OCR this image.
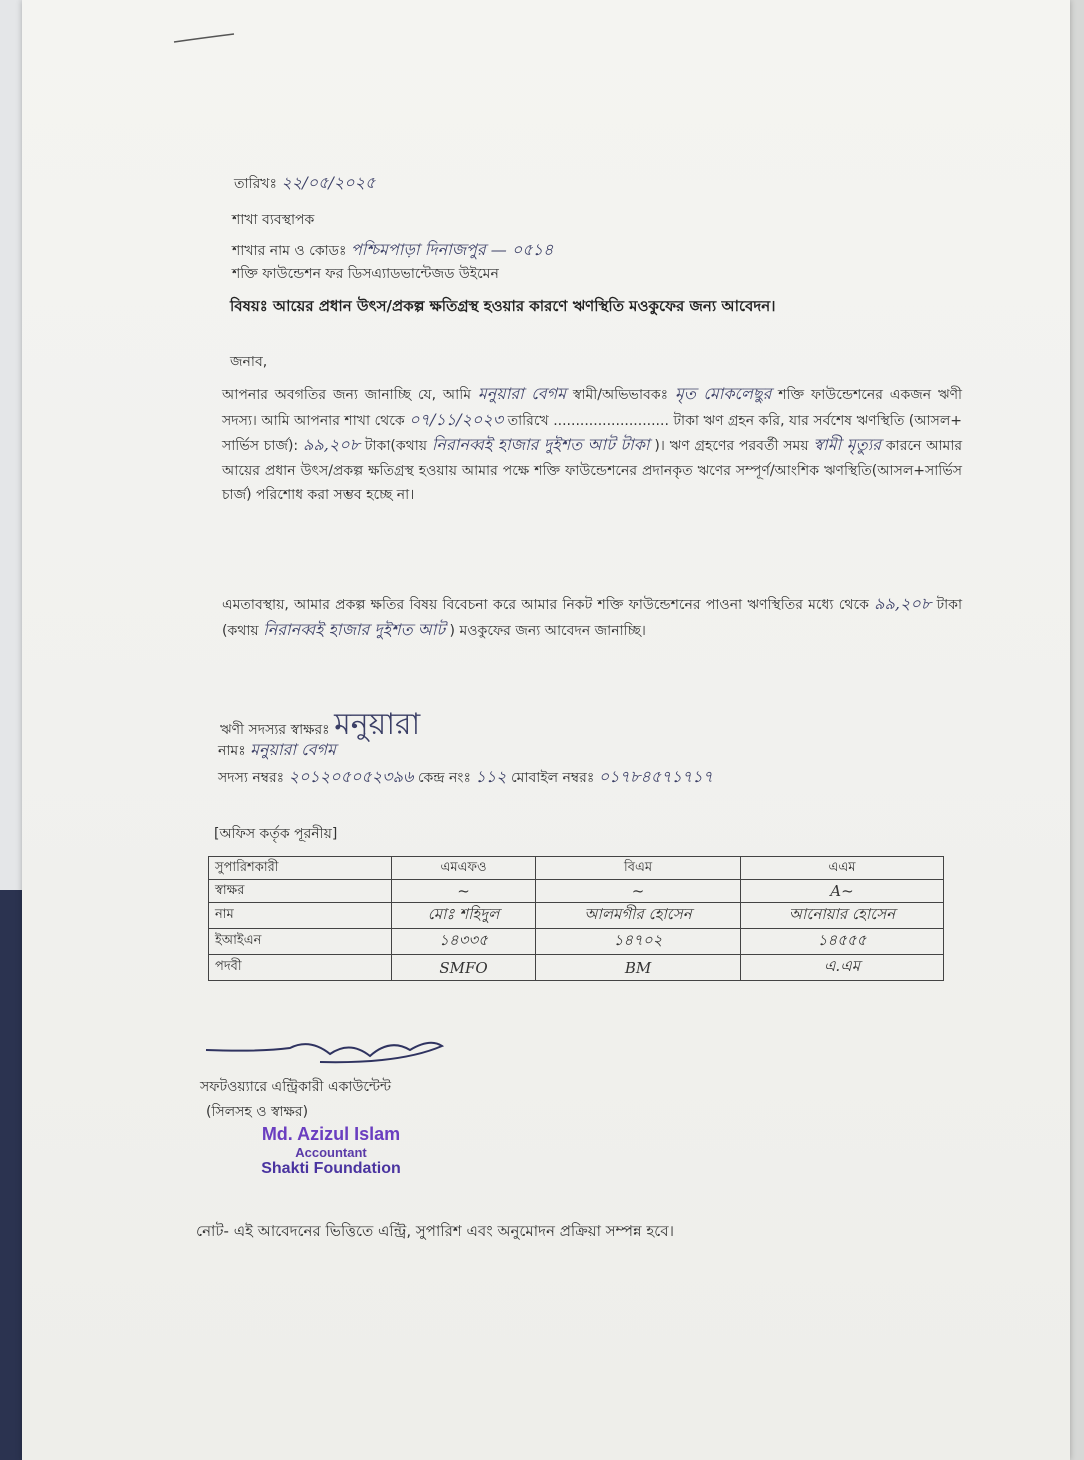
তারিখঃ ২২/০৫/২০২৫
শাখা ব্যবস্থাপক
শাখার নাম ও কোডঃ পশ্চিমপাড়া দিনাজপুর — ০৫১৪
শক্তি ফাউন্ডেশন ফর ডিসএ্যাডভান্টেজড উইমেন
বিষয়ঃ আয়ের প্রধান উৎস/প্রকল্প ক্ষতিগ্রস্থ হওয়ার কারণে ঋণস্থিতি মওকুফের জন্য আবেদন।
জনাব,
আপনার অবগতির জন্য জানাচ্ছি যে, আমি মনুয়ারা বেগম স্বামী/অভিভাবকঃ মৃত মোকলেছুর শক্তি ফাউন্ডেশনের একজন ঋণী সদস্য। আমি আপনার শাখা থেকে ০৭/১১/২০২৩ তারিখে .......................... টাকা ঋণ গ্রহন করি, যার সর্বশেষ ঋণস্থিতি (আসল+ সার্ভিস চার্জ): ৯৯,২০৮ টাকা(কথায় নিরানব্বই হাজার দুইশত আট টাকা )। ঋণ গ্রহণের পরবর্তী সময় স্বামী মৃত্যুর কারনে আমার আয়ের প্রধান উৎস/প্রকল্প ক্ষতিগ্রস্থ হওয়ায় আমার পক্ষে শক্তি ফাউন্ডেশনের প্রদানকৃত ঋণের সম্পূর্ণ/আংশিক ঋণস্থিতি(আসল+সার্ভিস চার্জ) পরিশোধ করা সম্ভব হচ্ছে না।
এমতাবস্থায়, আমার প্রকল্প ক্ষতির বিষয় বিবেচনা করে আমার নিকট শক্তি ফাউন্ডেশনের পাওনা ঋণস্থিতির মধ্যে থেকে ৯৯,২০৮ টাকা (কথায় নিরানব্বই হাজার দুইশত আট ) মওকুফের জন্য আবেদন জানাচ্ছি।
ঋণী সদস্যর স্বাক্ষরঃ মনুয়ারা
নামঃ মনুয়ারা বেগম
সদস্য নম্বরঃ ২০১২০৫০৫২৩৯৬ কেন্দ্র নংঃ ১১২ মোবাইল নম্বরঃ ০১৭৮৪৫৭১৭১৭
[অফিস কর্তৃক পূরনীয়]
সুপারিশকারী	এমএফও	বিএম	এএম
স্বাক্ষর	~	~	A~
নাম	মোঃ শহিদুল	আলমগীর হোসেন	আনোয়ার হোসেন
ইআইএন	১৪৩৩৫	১৪৭০২	১৪৫৫৫
পদবী	SMFO	BM	এ.এম
সফটওয়্যারে এন্ট্রিকারী একাউন্টেন্ট
(সিলসহ ও স্বাক্ষর)
Md. Azizul Islam
Accountant
Shakti Foundation
নোট- এই আবেদনের ভিত্তিতে এন্ট্রি, সুপারিশ এবং অনুমোদন প্রক্রিয়া সম্পন্ন হবে।
